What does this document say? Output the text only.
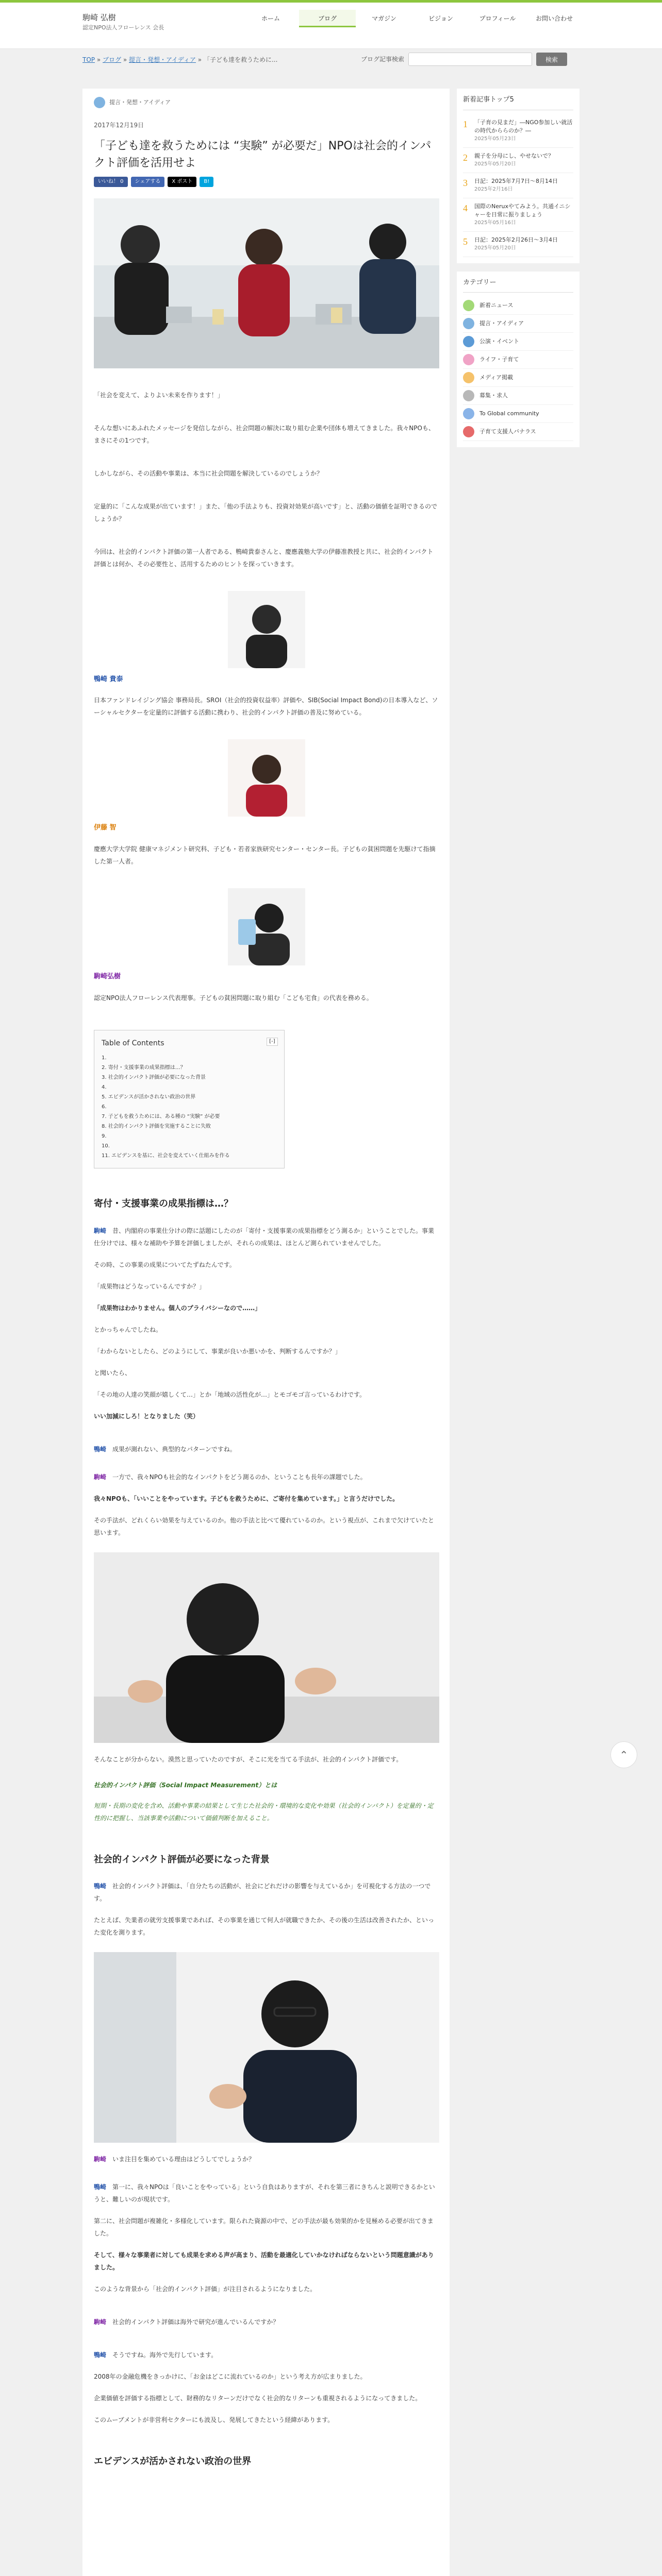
駒崎 弘樹
認定NPO法人フローレンス 会長
ホーム	ブログ	マガジン	ビジョン	プロフィール	お問い合わせ
TOP » ブログ » 提言・発想・アイディア » 「子ども達を救うために...	ブログ記事検索	検索
提言・発想・アイディア
2017年12月19日
「子ども達を救うためには “実験” が必要だ」NPOは社会的インパクト評価を活用せよ
いいね！ 0	シェアする	X ポスト	B!

「社会を変えて、よりよい未来を作ります！」

そんな想いにあふれたメッセージを発信しながら、社会問題の解決に取り組む企業や団体も増えてきました。我々NPOも、まさにその1つです。

しかしながら、その活動や事業は、本当に社会問題を解決しているのでしょうか？

定量的に「こんな成果が出ています！」また、「他の手法よりも、投資対効果が高いです」と、活動の価値を証明できるのでしょうか？

今回は、社会的インパクト評価の第一人者である、鴨崎貴泰さんと、慶應義塾大学の伊藤准教授と共に、社会的インパクト評価とは何か、その必要性と、活用するためのヒントを探っていきます。

鴨崎 貴泰

日本ファンドレイジング協会 事務局長。SROI（社会的投資収益率）評価や、SIB(Social Impact Bond)の日本導入など、ソーシャルセクターを定量的に評価する活動に携わり、社会的インパクト評価の普及に努めている。

伊藤 智

慶應大学大学院 健康マネジメント研究科、子ども・若者家族研究センター・センター長。子どもの貧困問題を先駆けて指摘した第一人者。

駒崎弘樹

認定NPO法人フローレンス代表理事。子どもの貧困問題に取り組む「こども宅食」の代表を務める。

Table of Contents	[-]
1.
2. 寄付・支援事業の成果指標は…？
3. 社会的インパクト評価が必要になった背景
4.
5. エビデンスが活かされない政治の世界
6.
7. 子どもを救うためには、ある種の “実験” が必要
8. 社会的インパクト評価を実施することに失敗
9.
10.
11. エビデンスを基に、社会を変えていく仕組みを作る
寄付・支援事業の成果指標は…？

駒崎　 昔、内閣府の事業仕分けの際に話題にしたのが「寄付・支援事業の成果指標をどう測るか」ということでした。事業仕分けでは、様々な補助や予算を評価しましたが、それらの成果は、ほとんど測られていませんでした。

その時、この事業の成果についてたずねたんです。

「成果物はどうなっているんですか？」

「成果物はわかりません。個人のプライバシーなので……」

とかっちゃんでしたね。

「わからないとしたら、どのようにして、事業が良いか悪いかを、判断するんですか？」

と聞いたら、

「その地の人達の笑顔が嬉しくて…」とか「地域の活性化が…」とモゴモゴ言っているわけです。

いい加減にしろ！となりました（笑）

鴨崎　 成果が測れない、典型的なパターンですね。

駒崎　 一方で、我々NPOも社会的なインパクトをどう測るのか、ということも長年の課題でした。

我々NPOも、「いいことをやっています。子どもを救うために、ご寄付を集めています。」と言うだけでした。

その手法が、どれくらい効果を与えているのか。他の手法と比べて優れているのか。という視点が、これまで欠けていたと思います。

そんなことが分からない。漠然と思っていたのですが、そこに光を当てる手法が、社会的インパクト評価です。

社会的インパクト評価（Social Impact Measurement）とは
短期・長期の変化を含め、活動や事業の結果として生じた社会的・環境的な変化や効果（社会的インパクト）を定量的・定性的に把握し、当該事業や活動について価値判断を加えること。
社会的インパクト評価が必要になった背景

鴨崎　 社会的インパクト評価は、「自分たちの活動が、社会にどれだけの影響を与えているか」を可視化する方法の一つです。

たとえば、失業者の就労支援事業であれば、その事業を通じて何人が就職できたか、その後の生活は改善されたか、といった変化を測ります。

駒崎　 いま注目を集めている理由はどうしてでしょうか？

鴨崎　 第一に、我々NPOは「良いことをやっている」という自負はありますが、それを第三者にきちんと説明できるかというと、難しいのが現状です。

第二に、社会問題が複雑化・多様化しています。限られた資源の中で、どの手法が最も効果的かを見極める必要が出てきました。

そして、様々な事業者に対しても成果を求める声が高まり、活動を最適化していかなければならないという問題意識がありました。

このような背景から「社会的インパクト評価」が注目されるようになりました。

駒崎　 社会的インパクト評価は海外で研究が進んでいるんですか？

鴨崎　 そうですね。海外で先行しています。

2008年の金融危機をきっかけに、「お金はどこに流れているのか」という考え方が広まりました。

企業価値を評価する指標として、財務的なリターンだけでなく社会的なリターンも重視されるようになってきました。

このムーブメントが非営利セクターにも波及し、発展してきたという経緯があります。

エビデンスが活かされない政治の世界
新着記事トップ5
1	「子育の見まだ」―NGO参加しい就活の時代かららのか？―
2025年05月23日
2	親子を分母にし、やせないで？
2025年05月20日
3	日記：2025年7月7日〜8月14日
2025年2月16日
4	国際のNeruxやてみよう。共通イニシャーを日常に振りましょう
2025年05月16日
5	日記：2025年2月26日〜3月4日
2025年05月20日
カテゴリー
新着ニュース
提言・アイディア
公演・イベント
ライフ・子育て
メディア掲載
募集・求人
To Global community
子育て支援人バナラス
⌃
